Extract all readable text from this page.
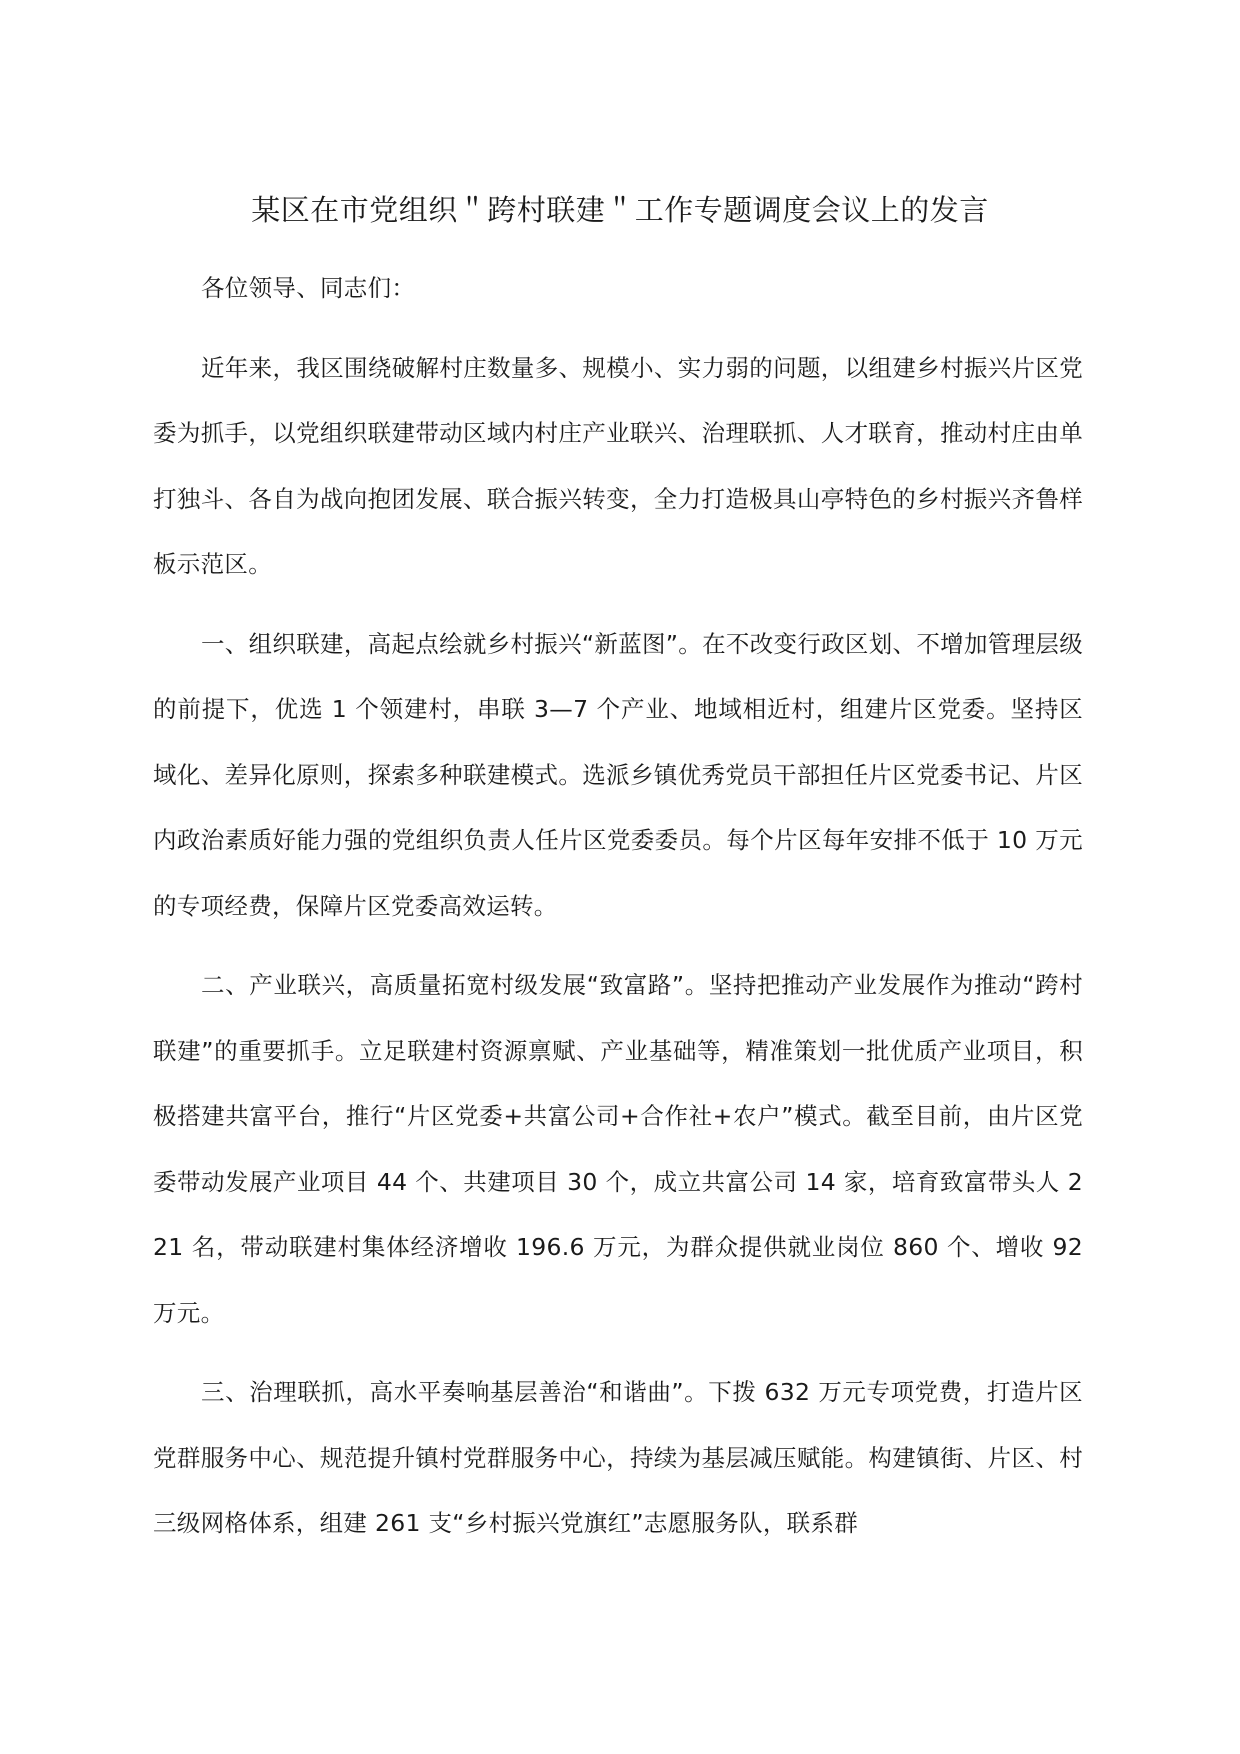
某区在市党组织＂跨村联建＂工作专题调度会议上的发言

各位领导、同志们：

近年来，我区围绕破解村庄数量多、规模小、实力弱的问题，以组建乡村振兴片区党委为抓手，以党组织联建带动区域内村庄产业联兴、治理联抓、人才联育，推动村庄由单打独斗、各自为战向抱团发展、联合振兴转变，全力打造极具山亭特色的乡村振兴齐鲁样板示范区。

一、组织联建，高起点绘就乡村振兴“新蓝图”。在不改变行政区划、不增加管理层级的前提下，优选 1 个领建村，串联 3—7 个产业、地域相近村，组建片区党委。坚持区域化、差异化原则，探索多种联建模式。选派乡镇优秀党员干部担任片区党委书记、片区内政治素质好能力强的党组织负责人任片区党委委员。每个片区每年安排不低于 10 万元的专项经费，保障片区党委高效运转。

二、产业联兴，高质量拓宽村级发展“致富路”。坚持把推动产业发展作为推动“跨村联建”的重要抓手。立足联建村资源禀赋、产业基础等，精准策划一批优质产业项目，积极搭建共富平台，推行“片区党委+共富公司+合作社+农户”模式。截至目前，由片区党委带动发展产业项目 44 个、共建项目 30 个，成立共富公司 14 家，培育致富带头人 221 名，带动联建村集体经济增收 196.6 万元，为群众提供就业岗位 860 个、增收 92 万元。

三、治理联抓，高水平奏响基层善治“和谐曲”。下拨 632 万元专项党费，打造片区党群服务中心、规范提升镇村党群服务中心，持续为基层减压赋能。构建镇街、片区、村三级网格体系，组建 261 支“乡村振兴党旗红”志愿服务队，联系群
